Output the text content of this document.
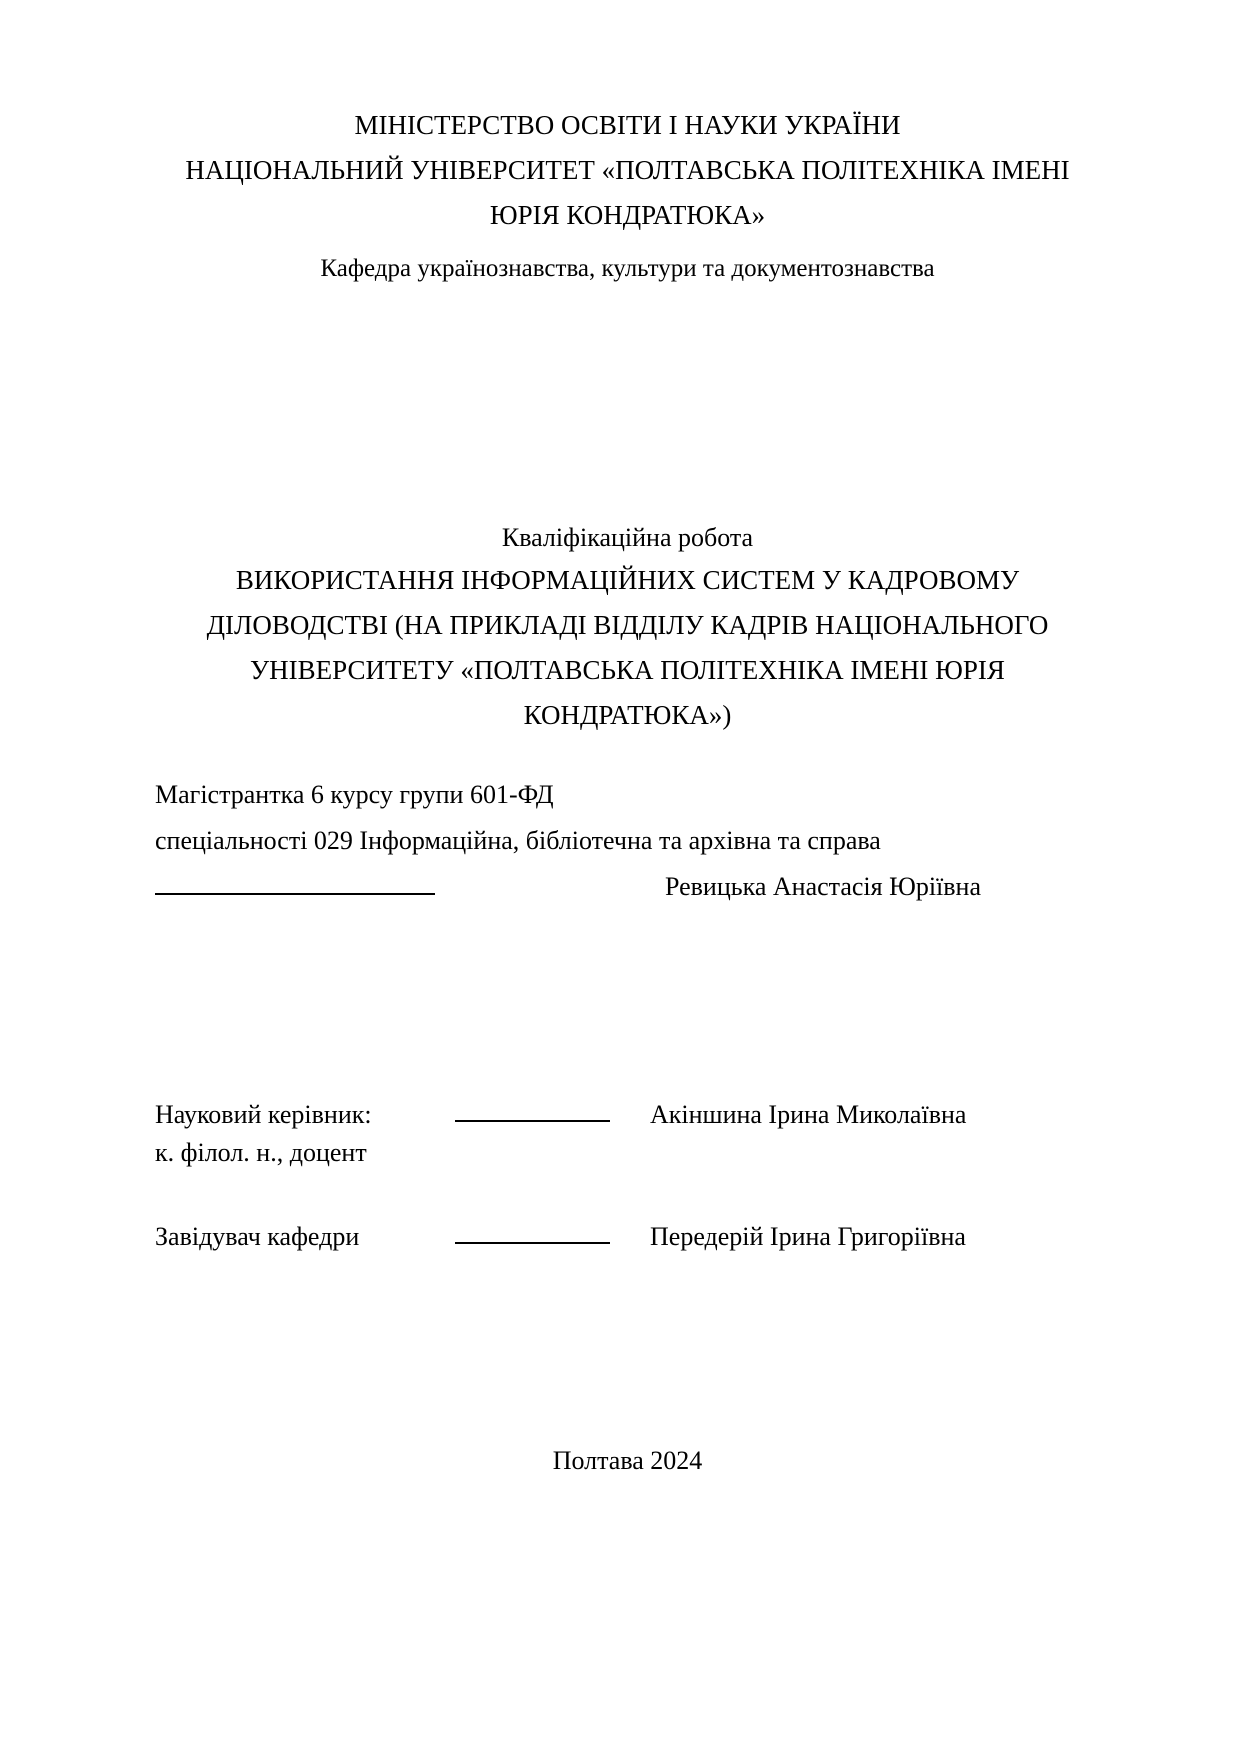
МІНІСТЕРСТВО ОСВІТИ І НАУКИ УКРАЇНИ
НАЦІОНАЛЬНИЙ УНІВЕРСИТЕТ «ПОЛТАВСЬКА ПОЛІТЕХНІКА ІМЕНІ
ЮРІЯ КОНДРАТЮКА»
Кафедра українознавства, культури та документознавства
Кваліфікаційна робота
ВИКОРИСТАННЯ ІНФОРМАЦІЙНИХ СИСТЕМ У КАДРОВОМУ
ДІЛОВОДСТВІ (НА ПРИКЛАДІ ВІДДІЛУ КАДРІВ НАЦІОНАЛЬНОГО
УНІВЕРСИТЕТУ «ПОЛТАВСЬКА ПОЛІТЕХНІКА ІМЕНІ ЮРІЯ
КОНДРАТЮКА»)
Магістрантка 6 курсу групи 601-ФД
спеціальності 029 Інформаційна, бібліотечна та архівна та справа
Ревицька Анастасія Юріївна
Науковий керівник:	Акіншина Ірина Миколаївна
к. філол. н., доцент
Завідувач кафедри	Передерій Ірина Григоріївна
Полтава 2024
